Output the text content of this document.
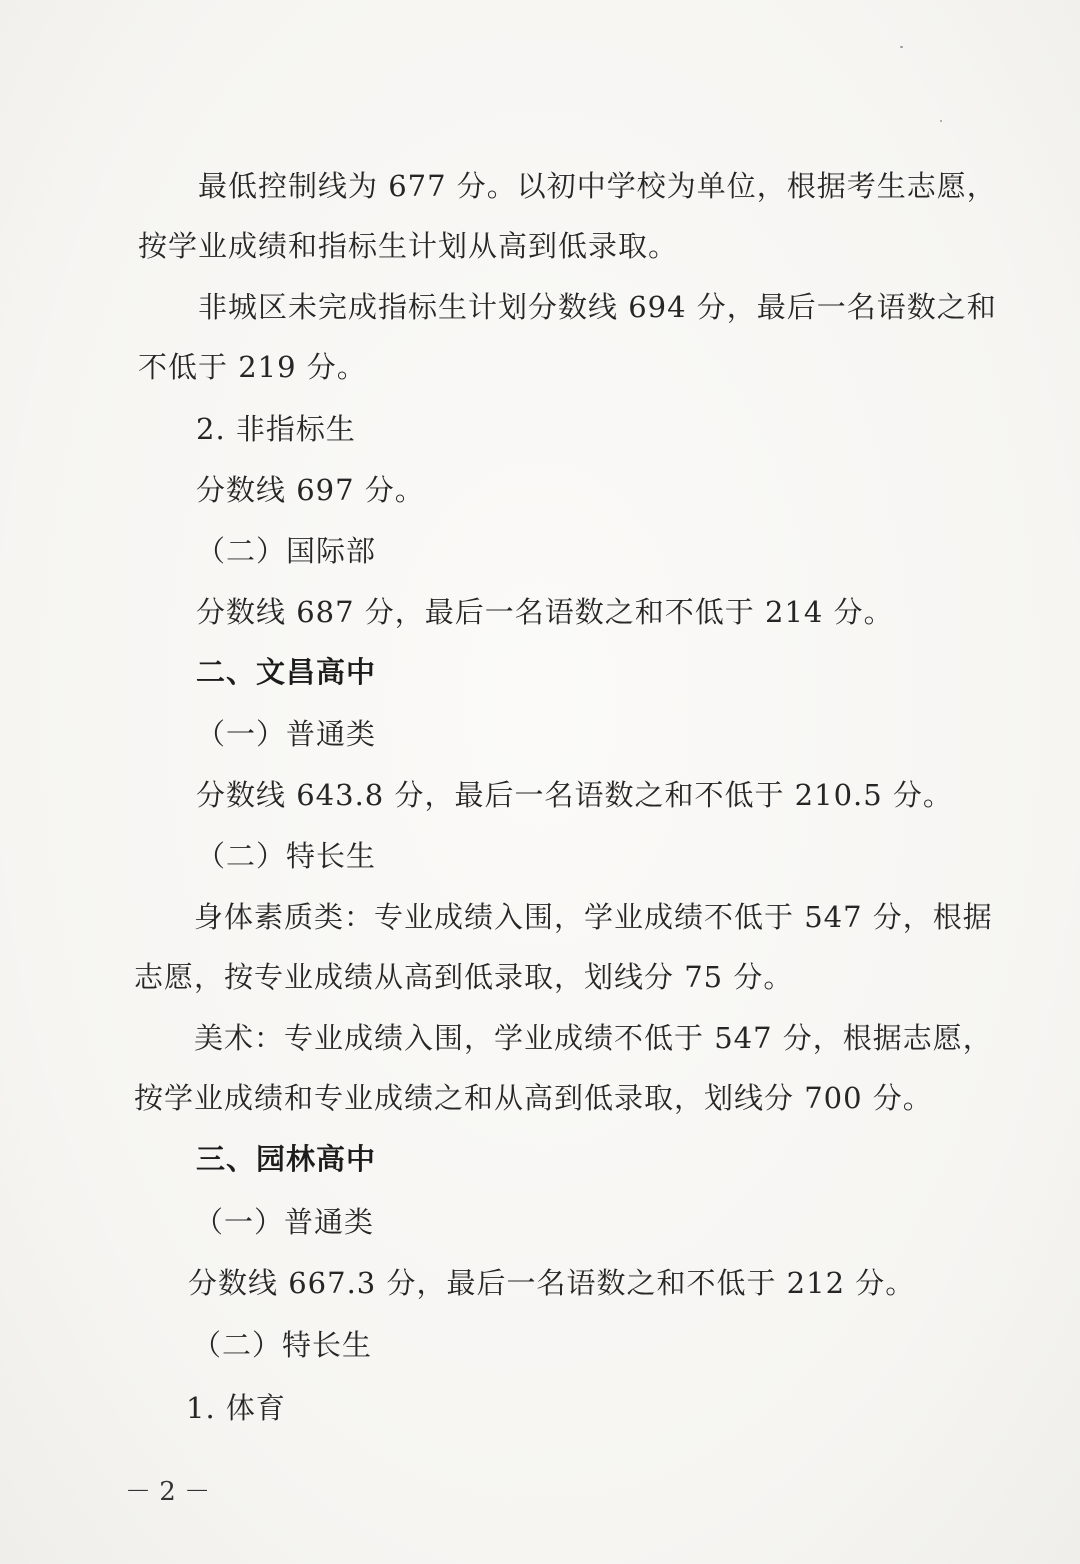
最低控制线为 677 分。以初中学校为单位，根据考生志愿，
按学业成绩和指标生计划从高到低录取。
非城区未完成指标生计划分数线 694 分，最后一名语数之和
不低于 219 分。
2. 非指标生
分数线 697 分。
（二）国际部
分数线 687 分，最后一名语数之和不低于 214 分。
二、文昌高中
（一）普通类
分数线 643.8 分，最后一名语数之和不低于 210.5 分。
（二）特长生
身体素质类：专业成绩入围，学业成绩不低于 547 分，根据
志愿，按专业成绩从高到低录取，划线分 75 分。
美术：专业成绩入围，学业成绩不低于 547 分，根据志愿，
按学业成绩和专业成绩之和从高到低录取，划线分 700 分。
三、园林高中
（一）普通类
分数线 667.3 分，最后一名语数之和不低于 212 分。
（二）特长生
1. 体育
－ 2 －
